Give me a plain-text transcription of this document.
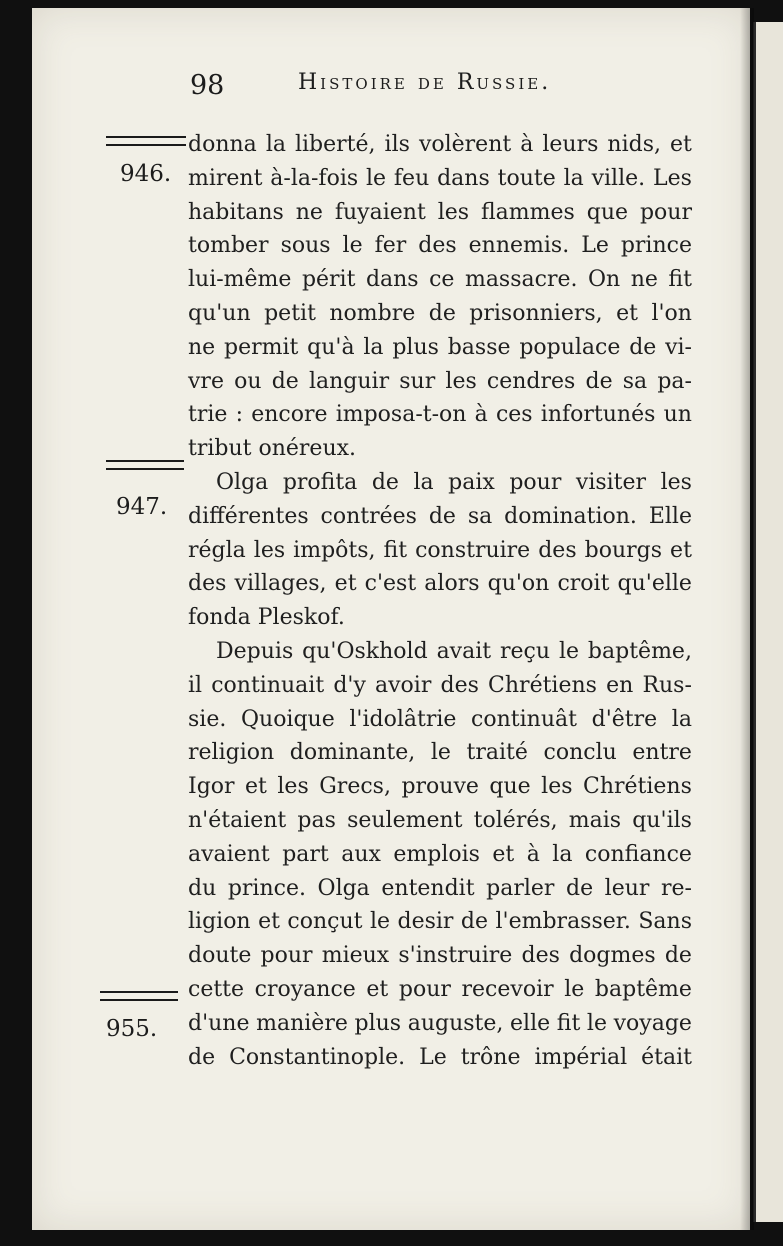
98	Histoire de Russie.
946.
947.
955.
donna la liberté, ils volèrent à leurs nids, et
mirent à-la-fois le feu dans toute la ville. Les
habitans ne fuyaient les flammes que pour
tomber sous le fer des ennemis. Le prince
lui-même périt dans ce massacre. On ne fit
qu'un petit nombre de prisonniers, et l'on
ne permit qu'à la plus basse populace de vi-
vre ou de languir sur les cendres de sa pa-
trie : encore imposa-t-on à ces infortunés un
tribut onéreux.
Olga profita de la paix pour visiter les
différentes contrées de sa domination. Elle
régla les impôts, fit construire des bourgs et
des villages, et c'est alors qu'on croit qu'elle
fonda Pleskof.
Depuis qu'Oskhold avait reçu le baptême,
il continuait d'y avoir des Chrétiens en Rus-
sie. Quoique l'idolâtrie continuât d'être la
religion dominante, le traité conclu entre
Igor et les Grecs, prouve que les Chrétiens
n'étaient pas seulement tolérés, mais qu'ils
avaient part aux emplois et à la confiance
du prince. Olga entendit parler de leur re-
ligion et conçut le desir de l'embrasser. Sans
doute pour mieux s'instruire des dogmes de
cette croyance et pour recevoir le baptême
d'une manière plus auguste, elle fit le voyage
de Constantinople. Le trône impérial était
